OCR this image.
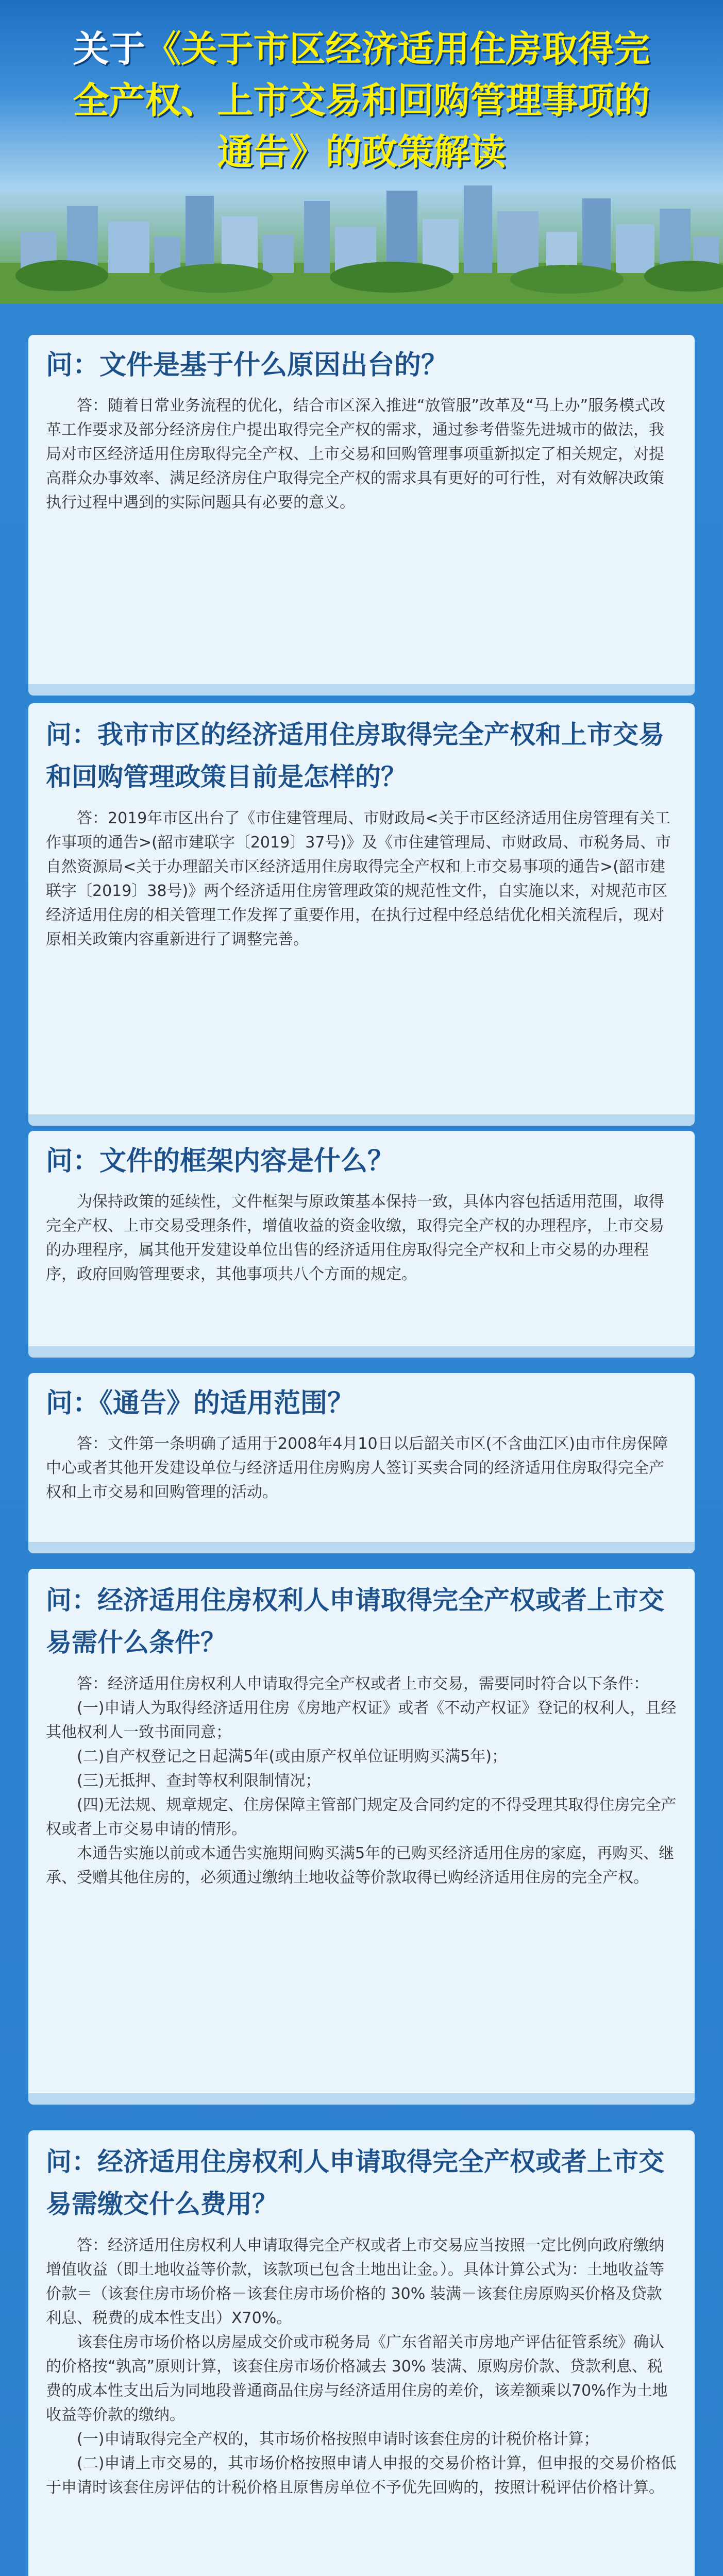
关于《关于市区经济适用住房取得完
全产权、上市交易和回购管理事项的
通告》的政策解读
问：文件是基于什么原因出台的？

答：随着日常业务流程的优化，结合市区深入推进“放管服”改革及“马上办”服务模式改革工作要求及部分经济房住户提出取得完全产权的需求，通过参考借鉴先进城市的做法，我局对市区经济适用住房取得完全产权、上市交易和回购管理事项重新拟定了相关规定，对提高群众办事效率、满足经济房住户取得完全产权的需求具有更好的可行性，对有效解决政策执行过程中遇到的实际问题具有必要的意义。

问：我市市区的经济适用住房取得完全产权和上市交易和回购管理政策目前是怎样的？

答：2019年市区出台了《市住建管理局、市财政局<关于市区经济适用住房管理有关工作事项的通告>(韶市建联字〔2019〕37号)》及《市住建管理局、市财政局、市税务局、市自然资源局<关于办理韶关市区经济适用住房取得完全产权和上市交易事项的通告>(韶市建联字〔2019〕38号)》两个经济适用住房管理政策的规范性文件，自实施以来，对规范市区经济适用住房的相关管理工作发挥了重要作用，在执行过程中经总结优化相关流程后，现对原相关政策内容重新进行了调整完善。

问：文件的框架内容是什么？

为保持政策的延续性，文件框架与原政策基本保持一致，具体内容包括适用范围，取得完全产权、上市交易受理条件，增值收益的资金收缴，取得完全产权的办理程序，上市交易的办理程序，属其他开发建设单位出售的经济适用住房取得完全产权和上市交易的办理程序，政府回购管理要求，其他事项共八个方面的规定。

问：《通告》的适用范围？

答：文件第一条明确了适用于2008年4月10日以后韶关市区(不含曲江区)由市住房保障中心或者其他开发建设单位与经济适用住房购房人签订买卖合同的经济适用住房取得完全产权和上市交易和回购管理的活动。

问：经济适用住房权利人申请取得完全产权或者上市交易需什么条件？

答：经济适用住房权利人申请取得完全产权或者上市交易，需要同时符合以下条件：

(一)申请人为取得经济适用住房《房地产权证》或者《不动产权证》登记的权利人，且经其他权利人一致书面同意；

(二)自产权登记之日起满5年(或由原产权单位证明购买满5年)；

(三)无抵押、查封等权利限制情况；

(四)无法规、规章规定、住房保障主管部门规定及合同约定的不得受理其取得住房完全产权或者上市交易申请的情形。

本通告实施以前或本通告实施期间购买满5年的已购买经济适用住房的家庭，再购买、继承、受赠其他住房的，必须通过缴纳土地收益等价款取得已购经济适用住房的完全产权。

问：经济适用住房权利人申请取得完全产权或者上市交易需缴交什么费用？

答：经济适用住房权利人申请取得完全产权或者上市交易应当按照一定比例向政府缴纳增值收益（即土地收益等价款，该款项已包含土地出让金。）。具体计算公式为：土地收益等价款＝（该套住房市场价格－该套住房市场价格的 30% 装满－该套住房原购买价格及贷款利息、税费的成本性支出）X70%。

该套住房市场价格以房屋成交价或市税务局《广东省韶关市房地产评估征管系统》确认的价格按“孰高”原则计算，该套住房市场价格减去 30% 装满、原购房价款、贷款利息、税费的成本性支出后为同地段普通商品住房与经济适用住房的差价，该差额乘以70%作为土地收益等价款的缴纳。

(一)申请取得完全产权的，其市场价格按照申请时该套住房的计税价格计算；

(二)申请上市交易的，其市场价格按照申请人申报的交易价格计算，但申报的交易价格低于申请时该套住房评估的计税价格且原售房单位不予优先回购的，按照计税评估价格计算。
